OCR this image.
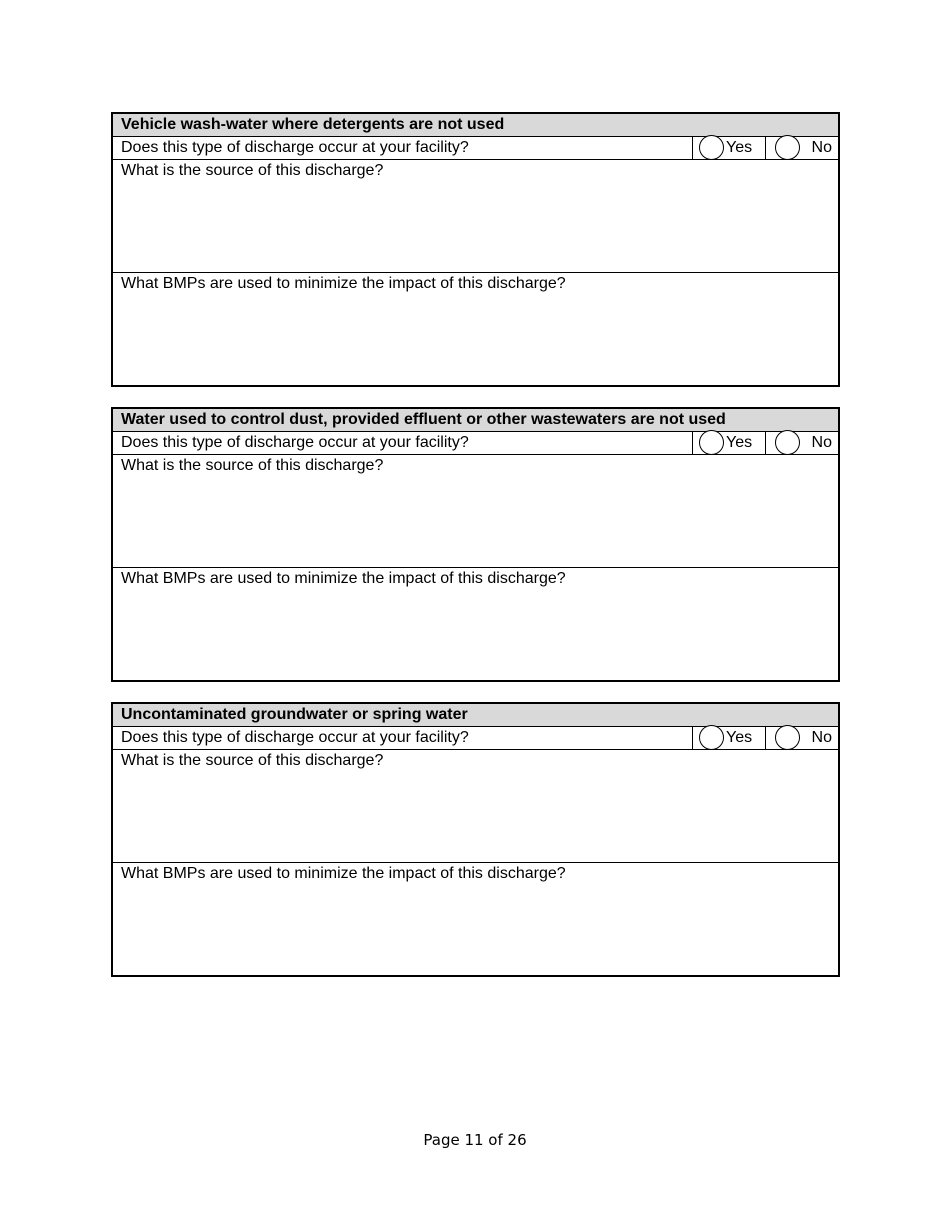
Vehicle wash-water where detergents are not used
Does this type of discharge occur at your facility?	Yes	No
What is the source of this discharge?
What BMPs are used to minimize the impact of this discharge?
Water used to control dust, provided effluent or other wastewaters are not used
Does this type of discharge occur at your facility?	Yes	No
What is the source of this discharge?
What BMPs are used to minimize the impact of this discharge?
Uncontaminated groundwater or spring water
Does this type of discharge occur at your facility?	Yes	No
What is the source of this discharge?
What BMPs are used to minimize the impact of this discharge?
Page 11 of 26
